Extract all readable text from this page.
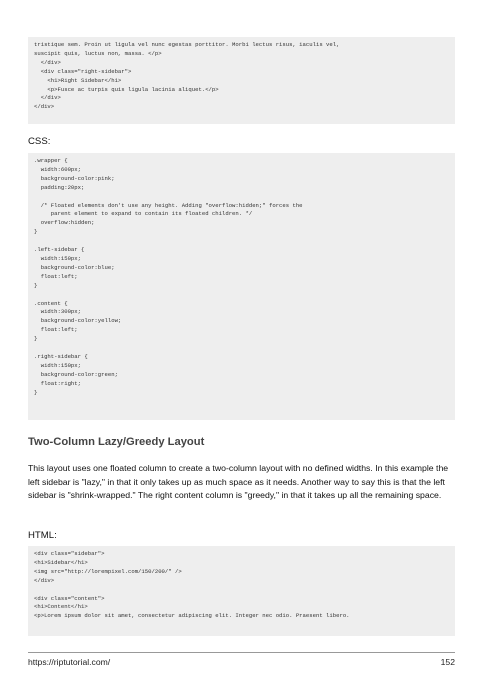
tristique sem. Proin ut ligula vel nunc egestas porttitor. Morbi lectus risus, iaculis vel,
suscipit quis, luctus non, massa. </p>
</div>
<div class="right-sidebar">
<h1>Right Sidebar</h1>
<p>Fusce ac turpis quis ligula lacinia aliquet.</p>
</div>
</div>
CSS:
.wrapper {
width:600px;
background-color:pink;
padding:20px;

/* Floated elements don't use any height. Adding "overflow:hidden;" forces the
parent element to expand to contain its floated children. */
overflow:hidden;
}

.left-sidebar {
width:150px;
background-color:blue;
float:left;
}

.content {
width:300px;
background-color:yellow;
float:left;
}

.right-sidebar {
width:150px;
background-color:green;
float:right;
}
Two-Column Lazy/Greedy Layout
This layout uses one floated column to create a two-column layout with no defined widths. In this example the left sidebar is "lazy," in that it only takes up as much space as it needs. Another way to say this is that the left sidebar is "shrink-wrapped." The right content column is "greedy," in that it takes up all the remaining space.
HTML:
<div class="sidebar">
<h1>Sidebar</h1>
<img src="http://lorempixel.com/150/200/" />
</div>

<div class="content">
<h1>Content</h1>
<p>Lorem ipsum dolor sit amet, consectetur adipiscing elit. Integer nec odio. Praesent libero.
https://riptutorial.com/	152
